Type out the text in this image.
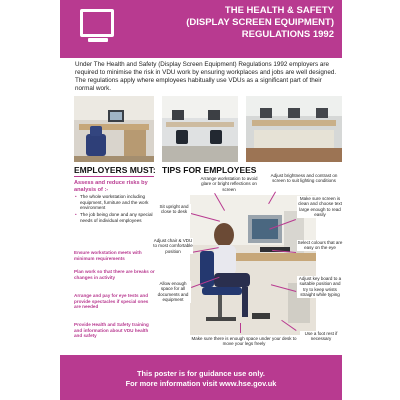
THE HEALTH & SAFETY
(DISPLAY SCREEN EQUIPMENT)
REGULATIONS 1992
Under The Health and Safety (Display Screen Equipment) Regulations 1992 employers are required to minimise the risk in VDU work by ensuring workplaces and jobs are well designed. The regulations apply where employees habitually use VDUs as a significant part of their normal work.
EMPLOYERS MUST:
Assess and reduce risks by analysis of :-
• The whole workstation including equipment, furniture and the work environment
• The job being done and any special needs of individual employees
Ensure workstation meets with minimum requirements
Plan work so that there are breaks or changes in activity
Arrange and pay for eye tests and provide spectacles if special ones are needed
Provide Health and Safety training and information about VDU health and safety
TIPS FOR EMPLOYEES
Arrange workstation to avoid glare or bright reflections on screen
Adjust brightness and contrast on screen to suit lighting conditions
Sit upright and close to desk
Make sure screen is clean and choose text large enough to read easily
Adjust chair & VDU to most comfortable position
Select colours that are easy on the eye
Allow enough space for all documents and equipment
Adjust key board to a suitable position and try to keep wrists straight while typing
Make sure there is enough space under your desk to move your legs freely
Use a foot rest if necessary
This poster is for guidance use only.
For more information visit www.hse.gov.uk
